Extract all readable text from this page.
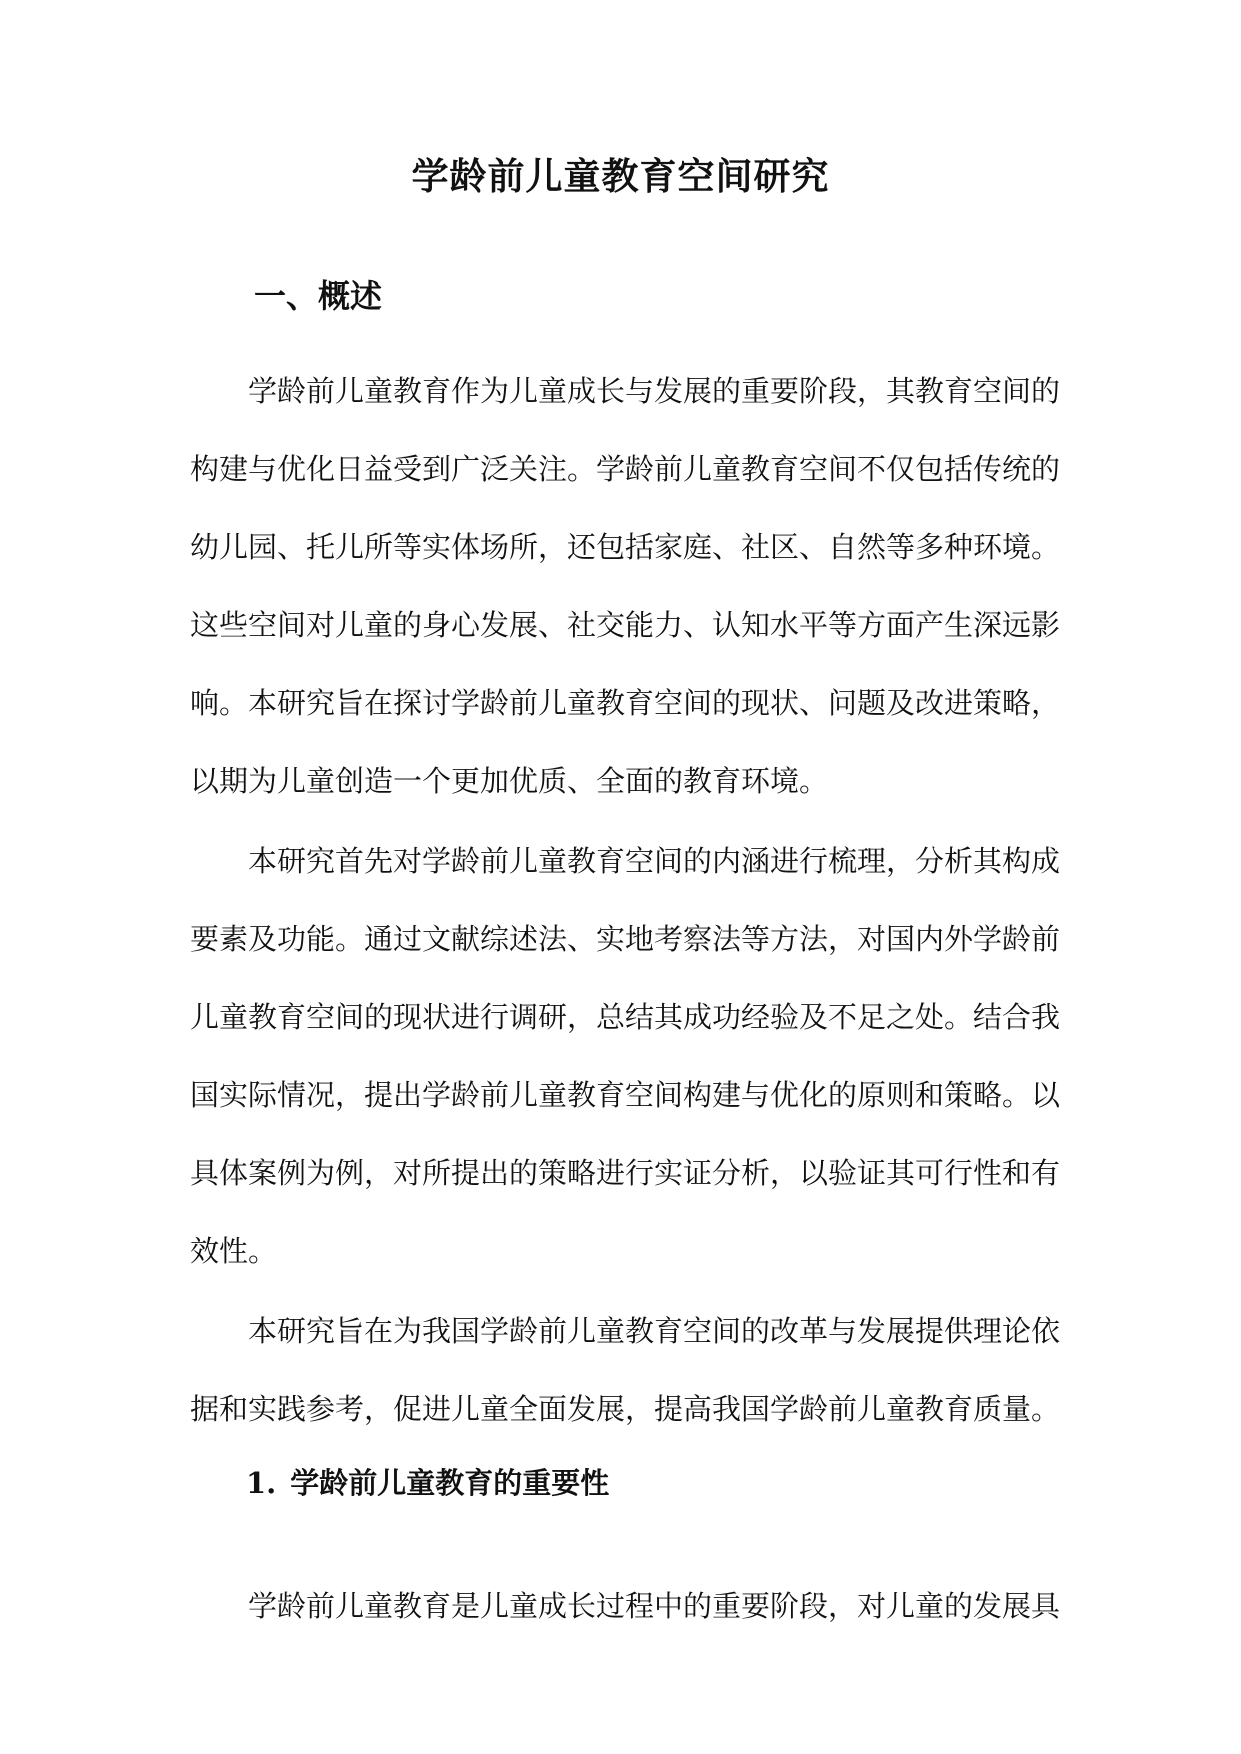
学龄前儿童教育空间研究
一、概述

学龄前儿童教育作为儿童成长与发展的重要阶段，其教育空间的构建与优化日益受到广泛关注。学龄前儿童教育空间不仅包括传统的幼儿园、托儿所等实体场所，还包括家庭、社区、自然等多种环境。这些空间对儿童的身心发展、社交能力、认知水平等方面产生深远影响。本研究旨在探讨学龄前儿童教育空间的现状、问题及改进策略，以期为儿童创造一个更加优质、全面的教育环境。

本研究首先对学龄前儿童教育空间的内涵进行梳理，分析其构成要素及功能。通过文献综述法、实地考察法等方法，对国内外学龄前儿童教育空间的现状进行调研，总结其成功经验及不足之处。结合我国实际情况，提出学龄前儿童教育空间构建与优化的原则和策略。以具体案例为例，对所提出的策略进行实证分析，以验证其可行性和有效性。

本研究旨在为我国学龄前儿童教育空间的改革与发展提供理论依据和实践参考，促进儿童全面发展，提高我国学龄前儿童教育质量。

1. 学龄前儿童教育的重要性

学龄前儿童教育是儿童成长过程中的重要阶段，对儿童的发展具
